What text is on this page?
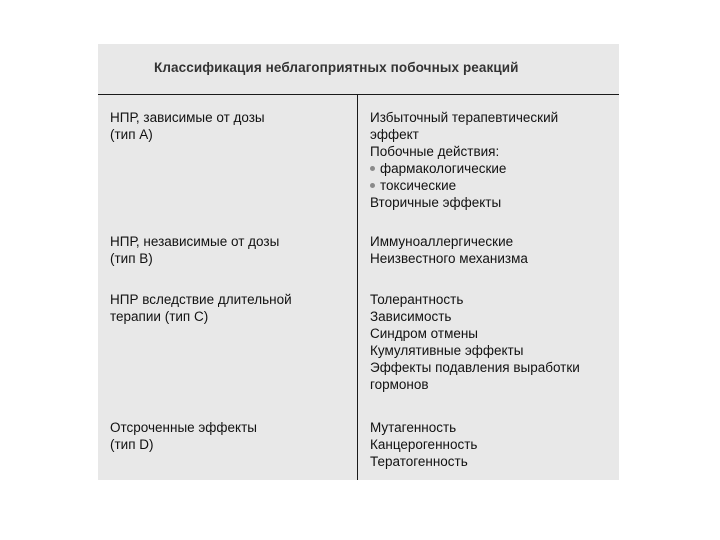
Классификация неблагоприятных побочных реакций
НПР, зависимые от дозы
(тип А)
Избыточный терапевтический
эффект
Побочные действия:
фармакологические
токсические
Вторичные эффекты
НПР, независимые от дозы
(тип В)
Иммуноаллергические
Неизвестного механизма
НПР вследствие длительной
терапии (тип С)
Толерантность
Зависимость
Синдром отмены
Кумулятивные эффекты
Эффекты подавления выработки
гормонов
Отсроченные эффекты
(тип D)
Мутагенность
Канцерогенность
Тератогенность
